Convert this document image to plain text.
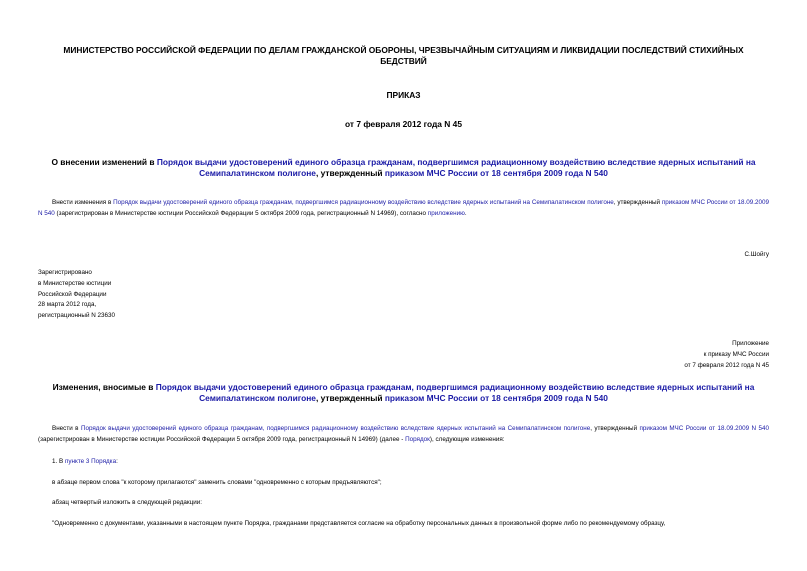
МИНИСТЕРСТВО РОССИЙСКОЙ ФЕДЕРАЦИИ ПО ДЕЛАМ ГРАЖДАНСКОЙ ОБОРОНЫ, ЧРЕЗВЫЧАЙНЫМ СИТУАЦИЯМ И ЛИКВИДАЦИИ ПОСЛЕДСТВИЙ СТИХИЙНЫХ
БЕДСТВИЙ
ПРИКАЗ
от 7 февраля 2012 года N 45
О внесении изменений в Порядок выдачи удостоверений единого образца гражданам, подвергшимся радиационному воздействию вследствие ядерных испытаний на Семипалатинском полигоне, утвержденный приказом МЧС России от 18 сентября 2009 года N 540
Внести изменения в Порядок выдачи удостоверений единого образца гражданам, подвергшимся радиационному воздействию вследствие ядерных испытаний на Семипалатинском полигоне, утвержденный приказом МЧС России от 18.09.2009 N 540 (зарегистрирован в Министерстве юстиции Российской Федерации 5 октября 2009 года, регистрационный N 14969), согласно приложению.
С.Шойгу
Зарегистрировано
в Министерстве юстиции
Российской Федерации
28 марта 2012 года,
регистрационный N 23630
Приложение
к приказу МЧС России
от 7 февраля 2012 года N 45
Изменения, вносимые в Порядок выдачи удостоверений единого образца гражданам, подвергшимся радиационному воздействию вследствие ядерных испытаний на Семипалатинском полигоне, утвержденный приказом МЧС России от 18 сентября 2009 года N 540
Внести в Порядок выдачи удостоверений единого образца гражданам, подвергшимся радиационному воздействию вследствие ядерных испытаний на Семипалатинском полигоне, утвержденный приказом МЧС России от 18.09.2009 N 540 (зарегистрирован в Министерстве юстиции Российской Федерации 5 октября 2009 года, регистрационный N 14969) (далее - Порядок), следующие изменения:
1. В пункте 3 Порядка:
в абзаце первом слова "к которому прилагаются" заменить словами "одновременно с которым предъявляются";
абзац четвертый изложить в следующей редакции:
"Одновременно с документами, указанными в настоящем пункте Порядка, гражданами представляется согласие на обработку персональных данных в произвольной форме либо по рекомендуемому образцу,
